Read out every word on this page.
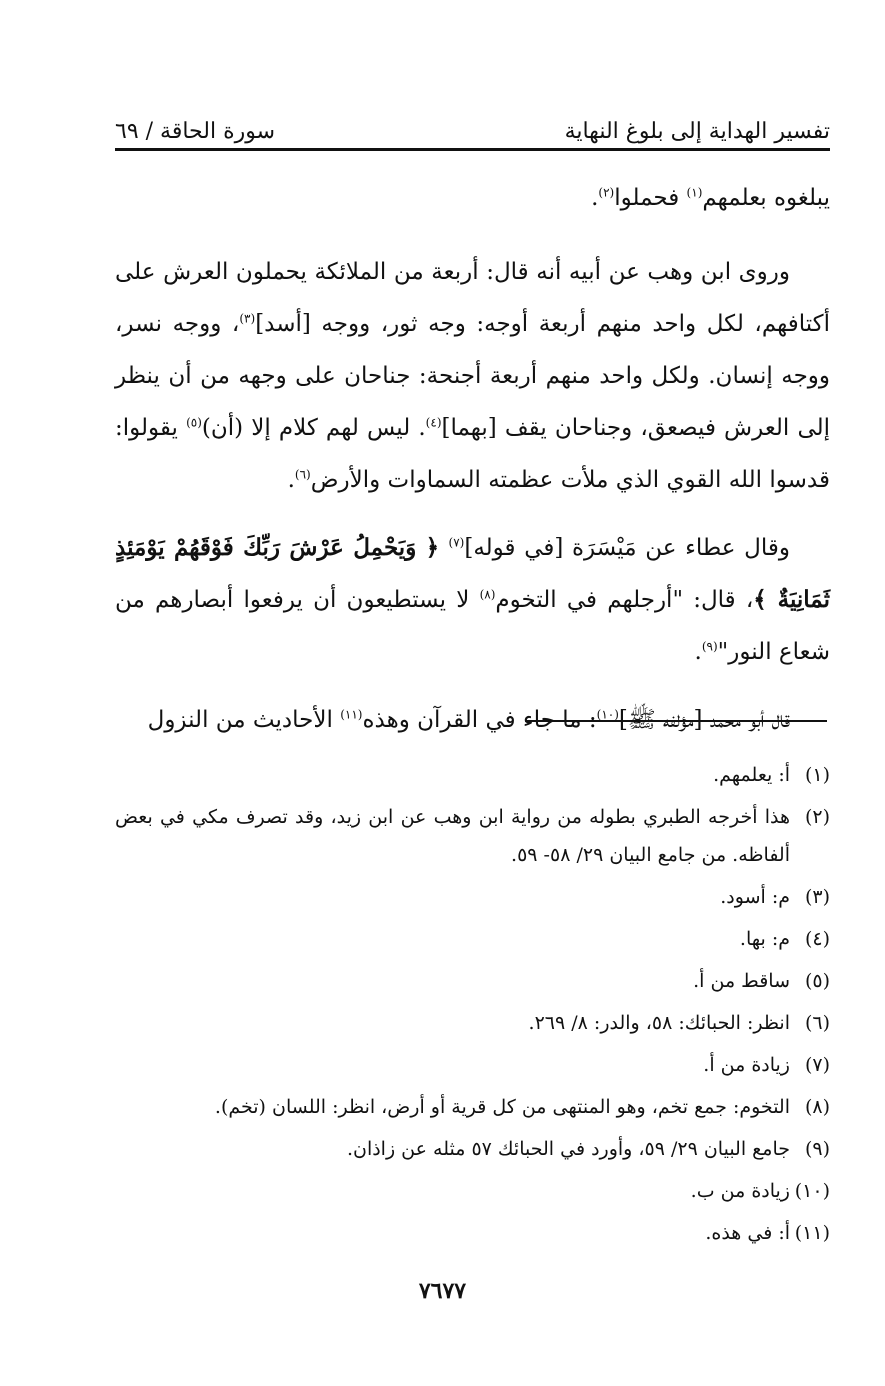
تفسير الهداية إلى بلوغ النهاية
سورة الحاقة / ٦٩

يبلغوه بعلمهم$^{(١)}$ فحملوا$^{(٢)}$.

وروى ابن وهب عن أبيه أنه قال: أربعة من الملائكة يحملون العرش على أكتافهم، لكل واحد منهم أربعة أوجه: وجه ثور، ووجه [أسد]$^{(٣)}$، ووجه نسر، ووجه إنسان. ولكل واحد منهم أربعة أجنحة: جناحان على وجهه من أن ينظر إلى العرش فيصعق، وجناحان يقف [بهما]$^{(٤)}$. ليس لهم كلام إلا (أن)$^{(٥)}$ يقولوا: قدسوا الله القوي الذي ملأت عظمته السماوات والأرض$^{(٦)}$.

وقال عطاء عن مَيْسَرَة [في قوله]$^{(٧)}$ ﴿ وَيَحْمِلُ عَرْشَ رَبِّكَ فَوْقَهُمْ يَوْمَئِذٍ ثَمَانِيَةٌ ﴾، قال: "أرجلهم في التخوم$^{(٨)}$ لا يستطيعون أن يرفعوا أبصارهم من شعاع النور"$^{(٩)}$.

قال أبو محمد [مؤلفه ﷺ]$^{(١٠)}$: ما جاء في القرآن وهذه$^{(١١)}$ الأحاديث من النزول

(١)
أ: يعلمهم.
(٢)
هذا أخرجه الطبري بطوله من رواية ابن وهب عن ابن زيد، وقد تصرف مكي في بعض ألفاظه. من جامع البيان ٢٩/ ٥٨- ٥٩.
(٣)
م: أسود.
(٤)
م: بها.
(٥)
ساقط من أ.
(٦)
انظر: الحبائك: ٥٨، والدر: ٨/ ٢٦٩.
(٧)
زيادة من أ.
(٨)
التخوم: جمع تخم، وهو المنتهى من كل قرية أو أرض، انظر: اللسان (تخم).
(٩)
جامع البيان ٢٩/ ٥٩، وأورد في الحبائك ٥٧ مثله عن زاذان.
(١٠)
زيادة من ب.
(١١)
أ: في هذه.
٧٦٧٧
